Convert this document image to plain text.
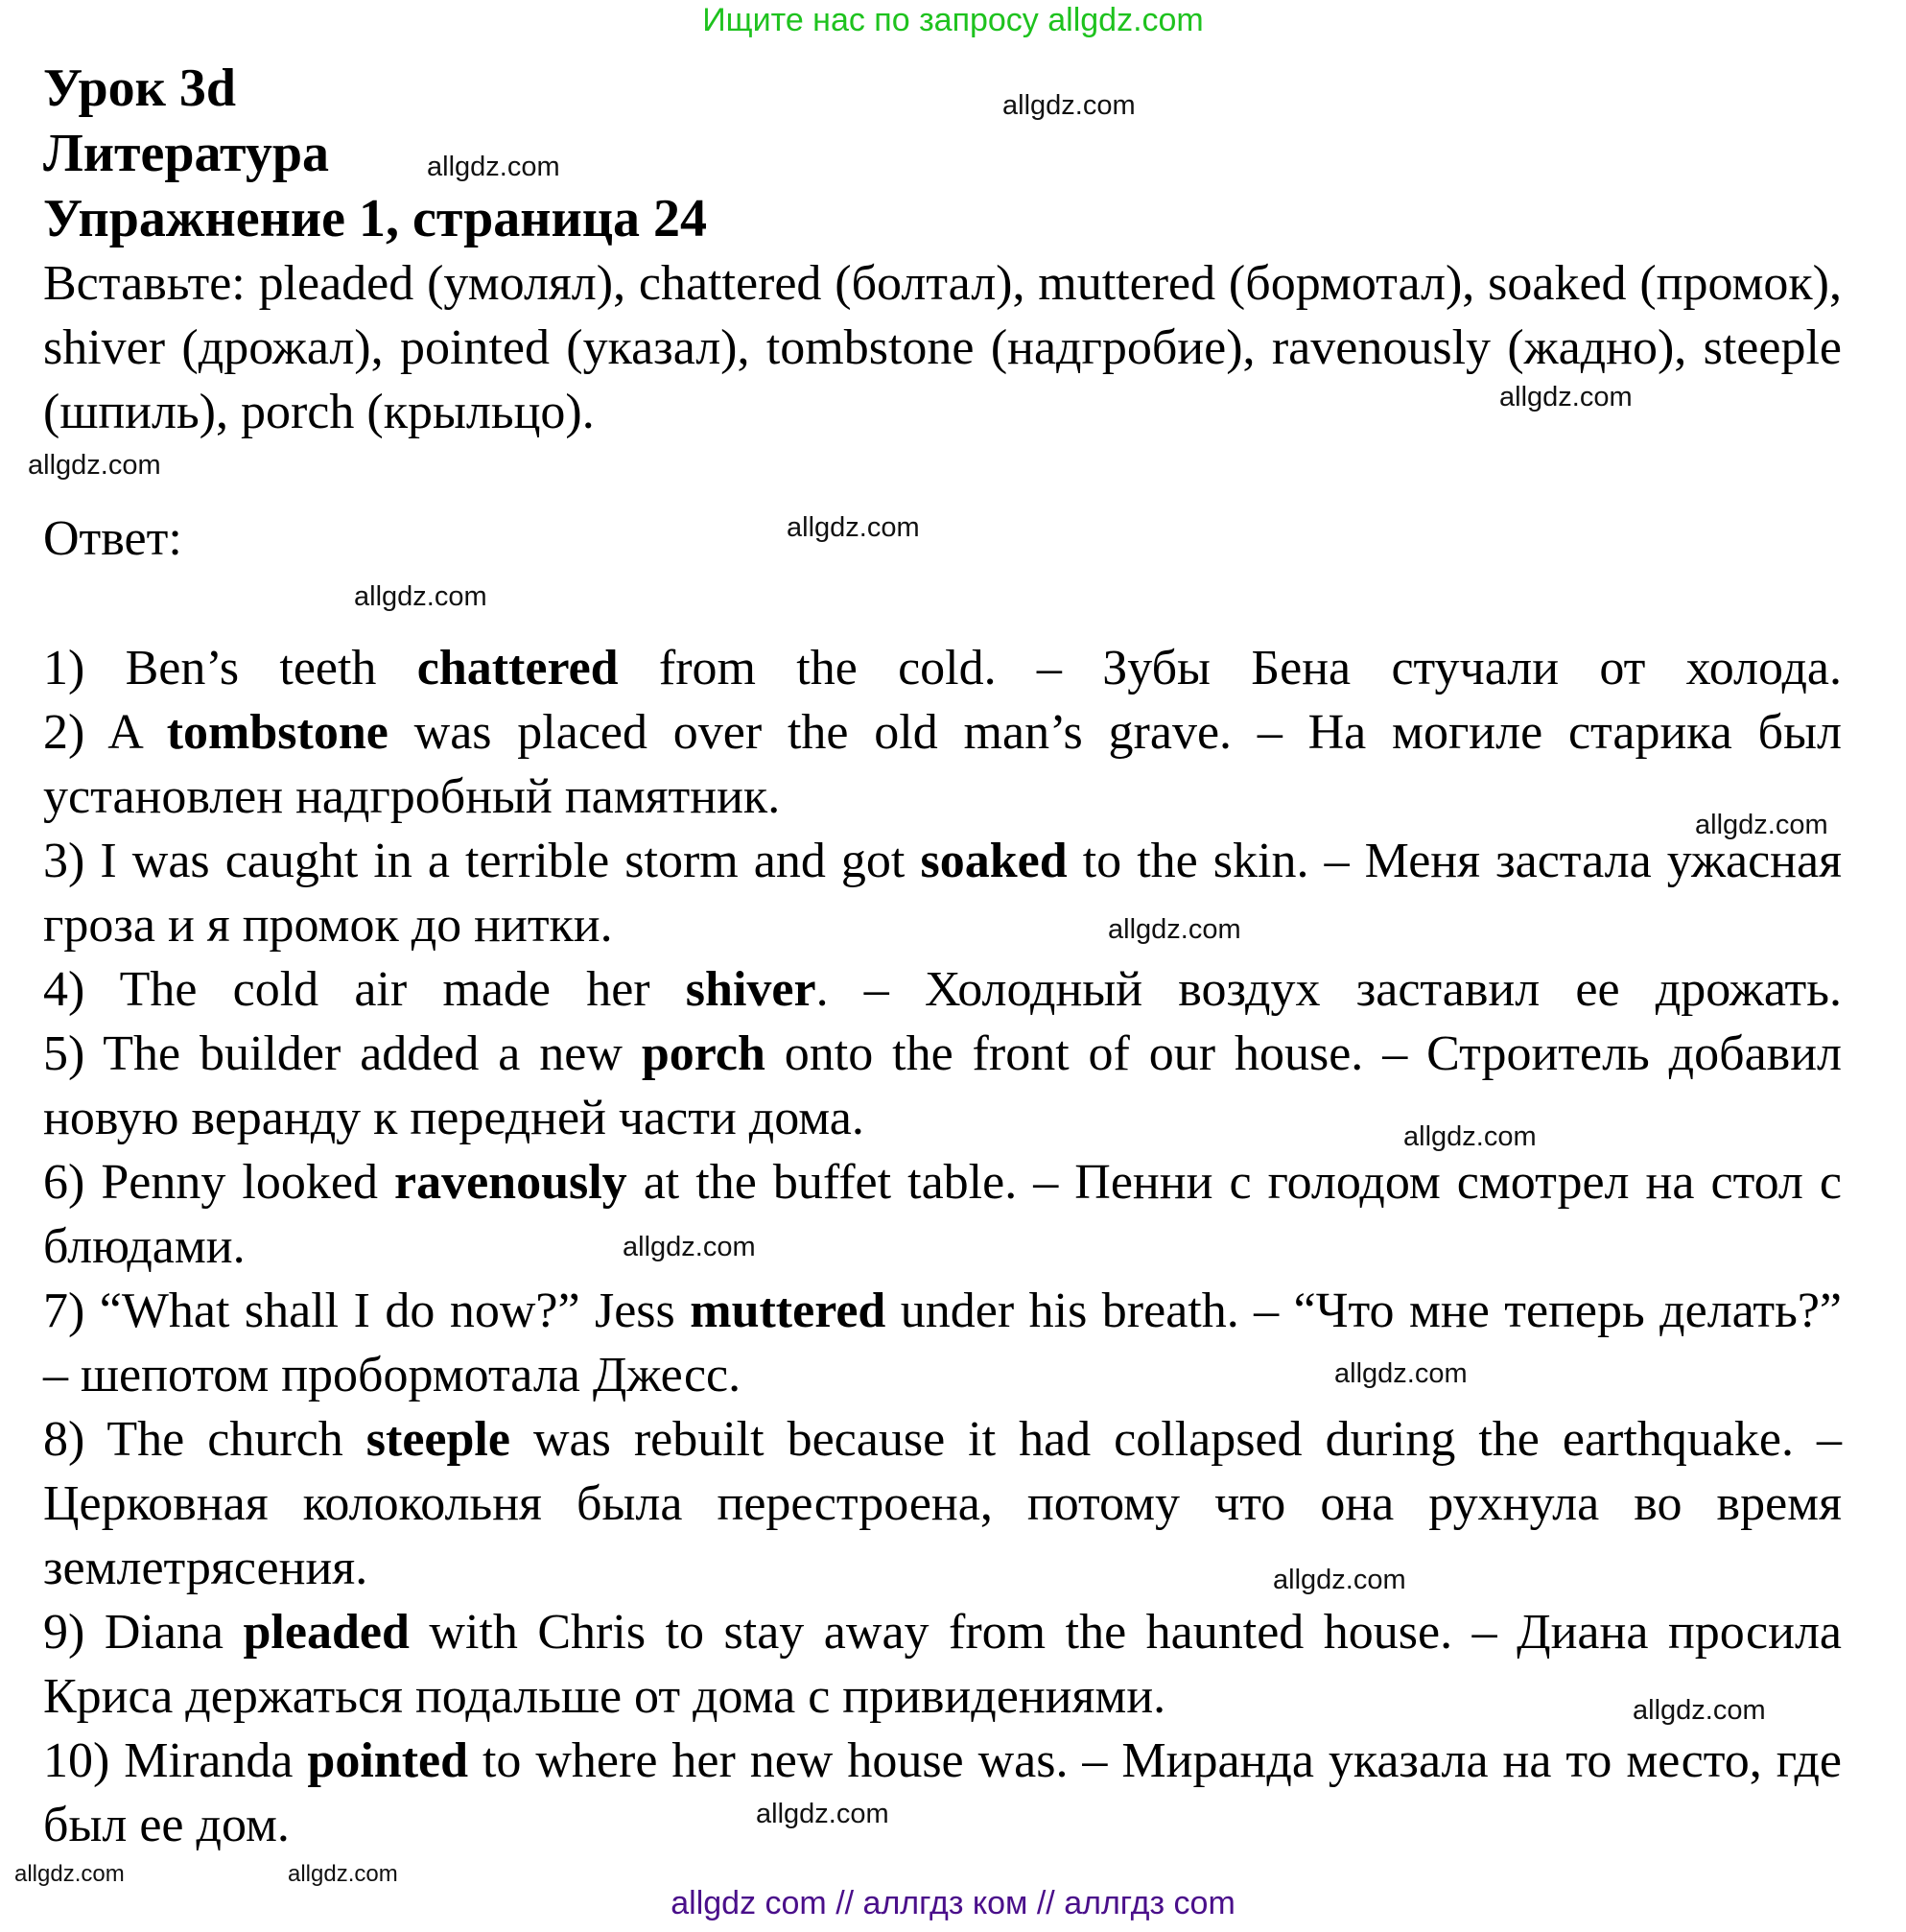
Ищите нас по запросу allgdz.com
Урок 3d
Литература
Упражнение 1, страница 24
Вставьте: pleaded (умолял), chattered (болтал), muttered (бормотал), soaked (промок), shiver (дрожал), pointed (указал), tombstone (надгробие), ravenously (жадно), steeple (шпиль), porch (крыльцо).
Ответ:
1) Ben’s teeth chattered from the cold. – Зубы Бена стучали от холода.
2) A tombstone was placed over the old man’s grave. – На могиле старика был установлен надгробный памятник.
3) I was caught in a terrible storm and got soaked to the skin. – Меня застала ужасная гроза и я промок до нитки.
4) The cold air made her shiver. – Холодный воздух заставил ее дрожать.
5) The builder added a new porch onto the front of our house. – Строитель добавил новую веранду к передней части дома.
6) Penny looked ravenously at the buffet table. – Пенни с голодом смотрел на стол с блюдами.
7) “What shall I do now?” Jess muttered under his breath. – “Что мне теперь делать?” – шепотом пробормотала Джесс.
8) The church steeple was rebuilt because it had collapsed during the earthquake. – Церковная колокольня была перестроена, потому что она рухнула во время землетрясения.
9) Diana pleaded with Chris to stay away from the haunted house. – Диана просила Криса держаться подальше от дома с привидениями.
10) Miranda pointed to where her new house was. – Миранда указала на то место, где был ее дом.
allgdz.com
allgdz.com
allgdz.com
allgdz.com
allgdz.com
allgdz.com
allgdz.com
allgdz.com
allgdz.com
allgdz.com
allgdz.com
allgdz.com
allgdz.com
allgdz.com
allgdz.com
allgdz.com
allgdz com // аллгдз ком // аллгдз com
